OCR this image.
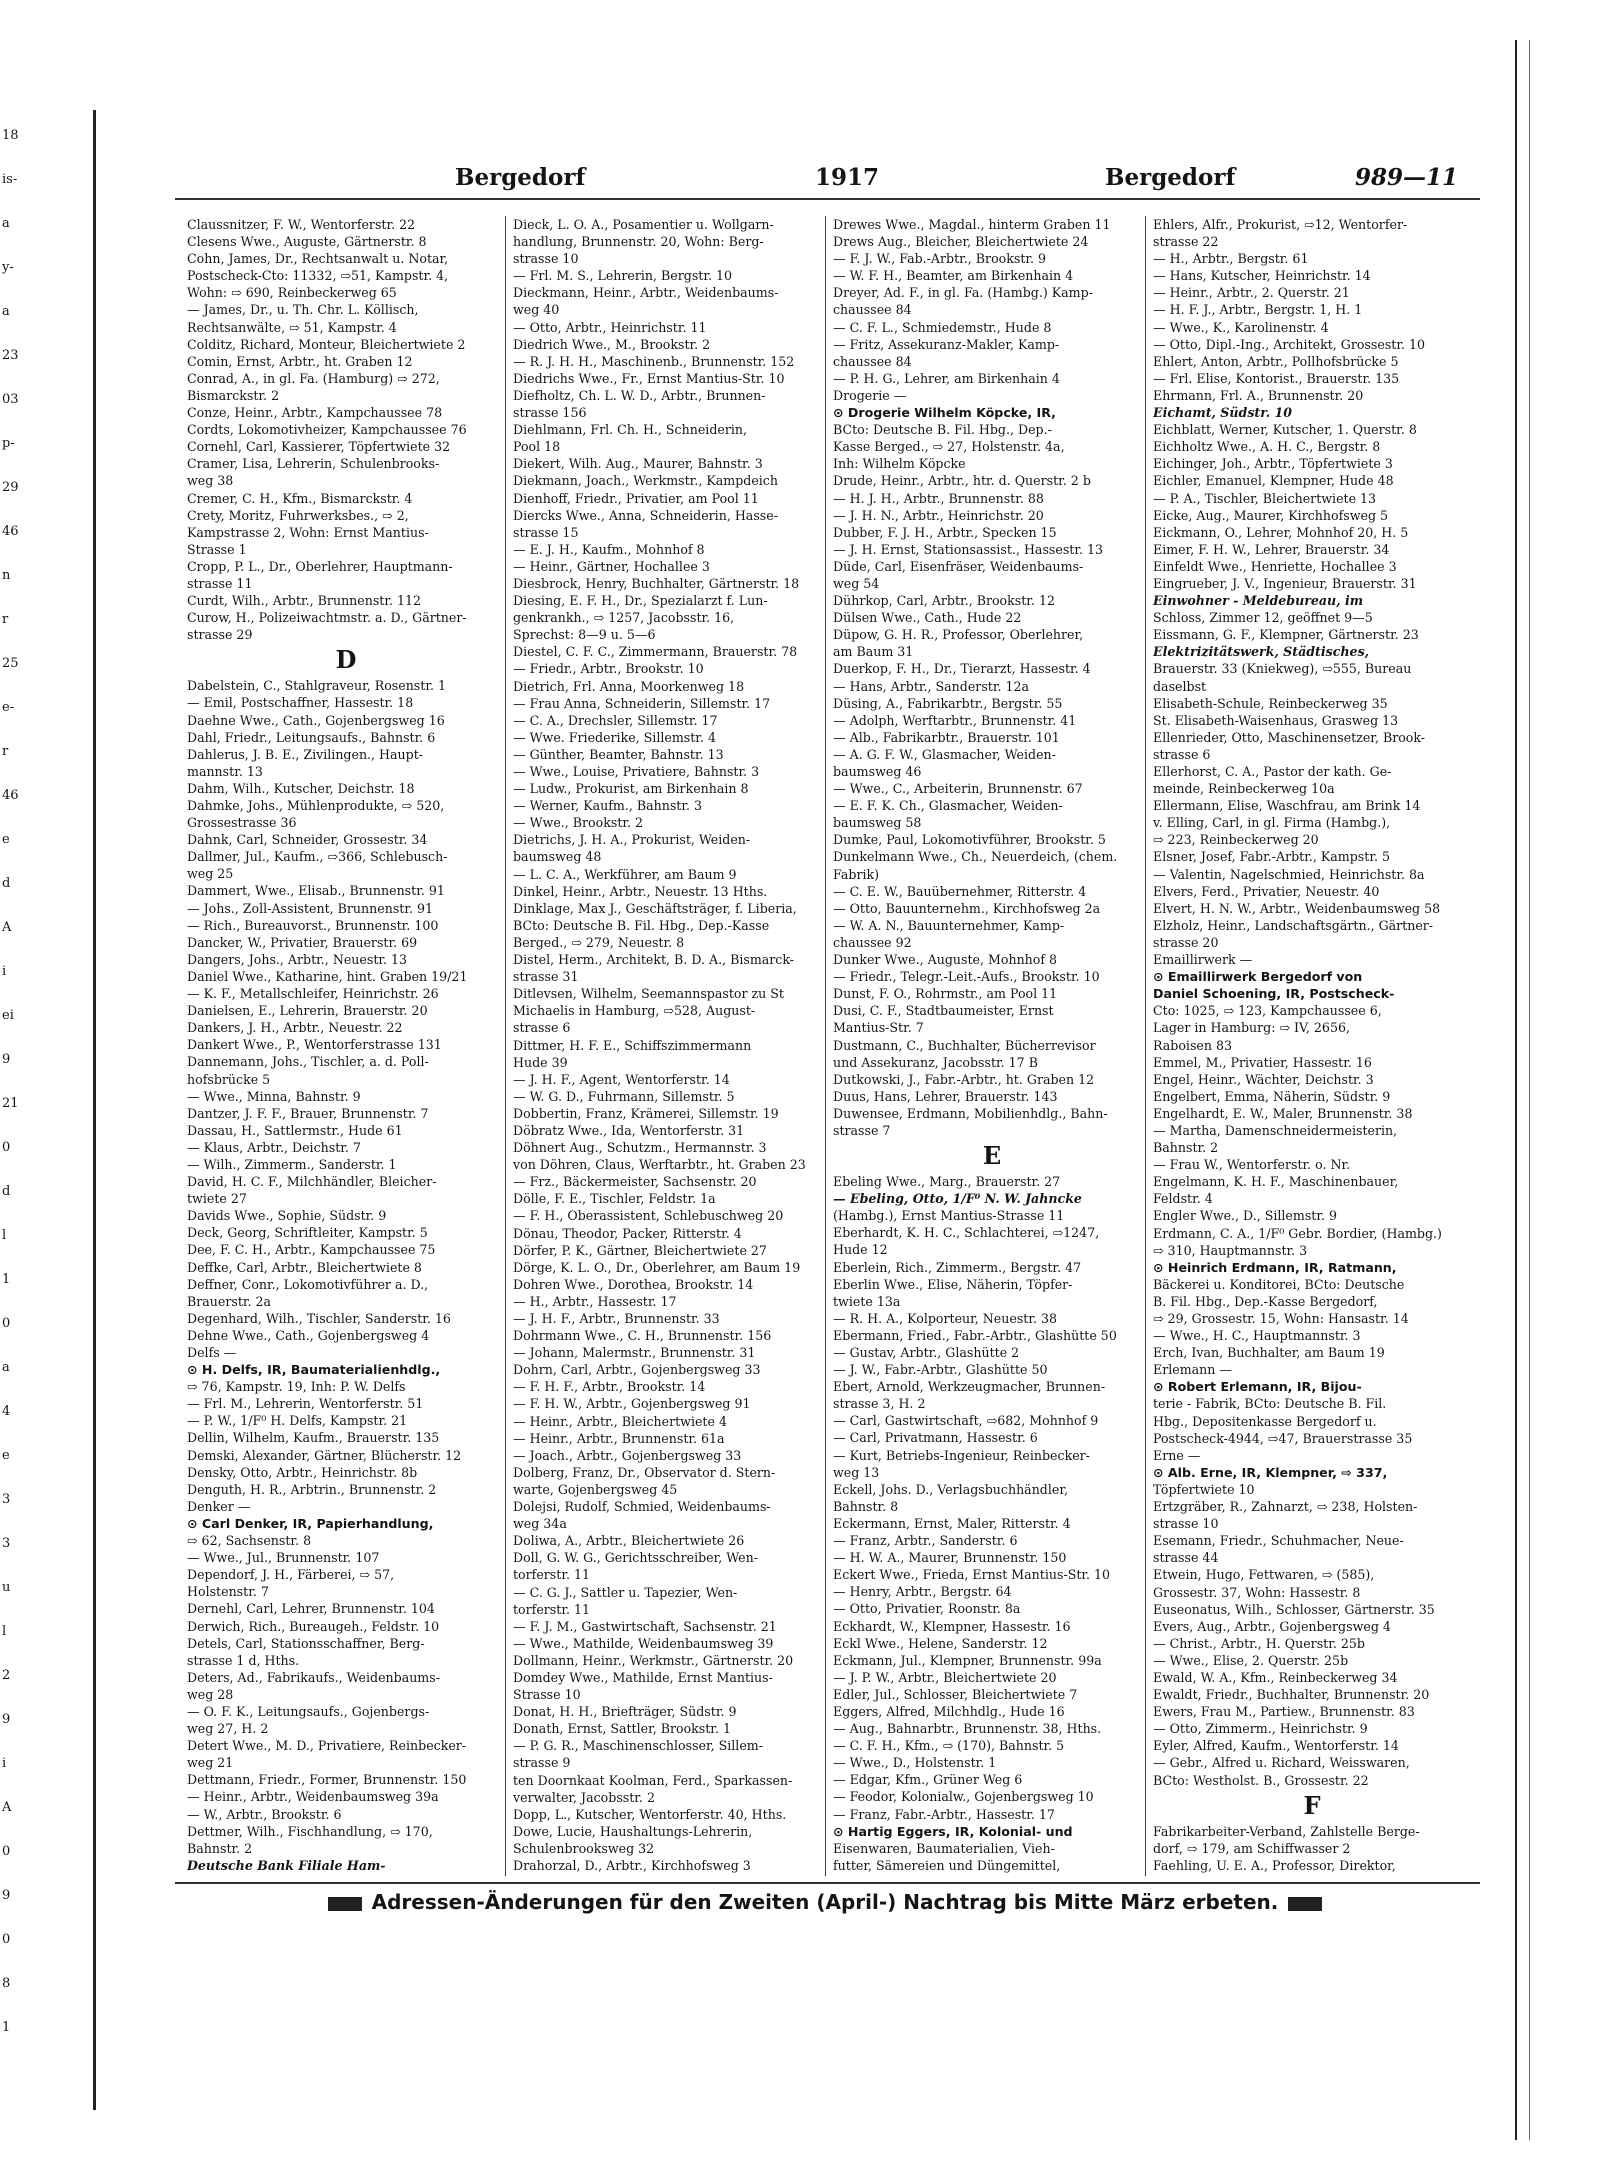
18
is-
a
y-
a
23
03
p-
29
46
n
r
25
e-
r
46
e
d
A
i
ei
9
21
0
d
l
1
0
a
4
e
3
3
u
l
2
9
i
A
0
9
0
8
1
Bergedorf	1917	Bergedorf	989—11
Claussnitzer, F. W., Wentorferstr. 22
Clesens Wwe., Auguste, Gärtnerstr. 8
Cohn, James, Dr., Rechtsanwalt u. Notar,
Postscheck-Cto: 11332, ⇨51, Kampstr. 4,
Wohn: ⇨ 690, Reinbeckerweg 65
— James, Dr., u. Th. Chr. L. Köllisch,
Rechtsanwälte, ⇨ 51, Kampstr. 4
Colditz, Richard, Monteur, Bleichertwiete 2
Comin, Ernst, Arbtr., ht. Graben 12
Conrad, A., in gl. Fa. (Hamburg) ⇨ 272,
Bismarckstr. 2
Conze, Heinr., Arbtr., Kampchaussee 78
Cordts, Lokomotivheizer, Kampchaussee 76
Cornehl, Carl, Kassierer, Töpfertwiete 32
Cramer, Lisa, Lehrerin, Schulenbrooks-
weg 38
Cremer, C. H., Kfm., Bismarckstr. 4
Crety, Moritz, Fuhrwerksbes., ⇨ 2,
Kampstrasse 2, Wohn: Ernst Mantius-
Strasse 1
Cropp, P. L., Dr., Oberlehrer, Hauptmann-
strasse 11
Curdt, Wilh., Arbtr., Brunnenstr. 112
Curow, H., Polizeiwachtmstr. a. D., Gärtner-
strasse 29
D
Dabelstein, C., Stahlgraveur, Rosenstr. 1
— Emil, Postschaffner, Hassestr. 18
Daehne Wwe., Cath., Gojenbergsweg 16
Dahl, Friedr., Leitungsaufs., Bahnstr. 6
Dahlerus, J. B. E., Zivilingen., Haupt-
mannstr. 13
Dahm, Wilh., Kutscher, Deichstr. 18
Dahmke, Johs., Mühlenprodukte, ⇨ 520,
Grossestrasse 36
Dahnk, Carl, Schneider, Grossestr. 34
Dallmer, Jul., Kaufm., ⇨366, Schlebusch-
weg 25
Dammert, Wwe., Elisab., Brunnenstr. 91
— Johs., Zoll-Assistent, Brunnenstr. 91
— Rich., Bureauvorst., Brunnenstr. 100
Dancker, W., Privatier, Brauerstr. 69
Dangers, Johs., Arbtr., Neuestr. 13
Daniel Wwe., Katharine, hint. Graben 19/21
— K. F., Metallschleifer, Heinrichstr. 26
Danielsen, E., Lehrerin, Brauerstr. 20
Dankers, J. H., Arbtr., Neuestr. 22
Dankert Wwe., P., Wentorferstrasse 131
Dannemann, Johs., Tischler, a. d. Poll-
hofsbrücke 5
— Wwe., Minna, Bahnstr. 9
Dantzer, J. F. F., Brauer, Brunnenstr. 7
Dassau, H., Sattlermstr., Hude 61
— Klaus, Arbtr., Deichstr. 7
— Wilh., Zimmerm., Sanderstr. 1
David, H. C. F., Milchhändler, Bleicher-
twiete 27
Davids Wwe., Sophie, Südstr. 9
Deck, Georg, Schriftleiter, Kampstr. 5
Dee, F. C. H., Arbtr., Kampchaussee 75
Deffke, Carl, Arbtr., Bleichertwiete 8
Deffner, Conr., Lokomotivführer a. D.,
Brauerstr. 2a
Degenhard, Wilh., Tischler, Sanderstr. 16
Dehne Wwe., Cath., Gojenbergsweg 4
Delfs —
⊙ H. Delfs, IR, Baumaterialienhdlg.,
⇨ 76, Kampstr. 19, Inh: P. W. Delfs
— Frl. M., Lehrerin, Wentorferstr. 51
— P. W., 1/F⁰ H. Delfs, Kampstr. 21
Dellin, Wilhelm, Kaufm., Brauerstr. 135
Demski, Alexander, Gärtner, Blücherstr. 12
Densky, Otto, Arbtr., Heinrichstr. 8b
Denguth, H. R., Arbtrin., Brunnenstr. 2
Denker —
⊙ Carl Denker, IR, Papierhandlung,
⇨ 62, Sachsenstr. 8
— Wwe., Jul., Brunnenstr. 107
Dependorf, J. H., Färberei, ⇨ 57,
Holstenstr. 7
Dernehl, Carl, Lehrer, Brunnenstr. 104
Derwich, Rich., Bureaugeh., Feldstr. 10
Detels, Carl, Stationsschaffner, Berg-
strasse 1 d, Hths.
Deters, Ad., Fabrikaufs., Weidenbaums-
weg 28
— O. F. K., Leitungsaufs., Gojenbergs-
weg 27, H. 2
Detert Wwe., M. D., Privatiere, Reinbecker-
weg 21
Dettmann, Friedr., Former, Brunnenstr. 150
— Heinr., Arbtr., Weidenbaumsweg 39a
— W., Arbtr., Brookstr. 6
Dettmer, Wilh., Fischhandlung, ⇨ 170,
Bahnstr. 2
Deutsche Bank Filiale Ham-
Dieck, L. O. A., Posamentier u. Wollgarn-
handlung, Brunnenstr. 20, Wohn: Berg-
strasse 10
— Frl. M. S., Lehrerin, Bergstr. 10
Dieckmann, Heinr., Arbtr., Weidenbaums-
weg 40
— Otto, Arbtr., Heinrichstr. 11
Diedrich Wwe., M., Brookstr. 2
— R. J. H. H., Maschinenb., Brunnenstr. 152
Diedrichs Wwe., Fr., Ernst Mantius-Str. 10
Diefholtz, Ch. L. W. D., Arbtr., Brunnen-
strasse 156
Diehlmann, Frl. Ch. H., Schneiderin,
Pool 18
Diekert, Wilh. Aug., Maurer, Bahnstr. 3
Diekmann, Joach., Werkmstr., Kampdeich
Dienhoff, Friedr., Privatier, am Pool 11
Diercks Wwe., Anna, Schneiderin, Hasse-
strasse 15
— E. J. H., Kaufm., Mohnhof 8
— Heinr., Gärtner, Hochallee 3
Diesbrock, Henry, Buchhalter, Gärtnerstr. 18
Diesing, E. F. H., Dr., Spezialarzt f. Lun-
genkrankh., ⇨ 1257, Jacobsstr. 16,
Sprechst: 8—9 u. 5—6
Diestel, C. F. C., Zimmermann, Brauerstr. 78
— Friedr., Arbtr., Brookstr. 10
Dietrich, Frl. Anna, Moorkenweg 18
— Frau Anna, Schneiderin, Sillemstr. 17
— C. A., Drechsler, Sillemstr. 17
— Wwe. Friederike, Sillemstr. 4
— Günther, Beamter, Bahnstr. 13
— Wwe., Louise, Privatiere, Bahnstr. 3
— Ludw., Prokurist, am Birkenhain 8
— Werner, Kaufm., Bahnstr. 3
— Wwe., Brookstr. 2
Dietrichs, J. H. A., Prokurist, Weiden-
baumsweg 48
— L. C. A., Werkführer, am Baum 9
Dinkel, Heinr., Arbtr., Neuestr. 13 Hths.
Dinklage, Max J., Geschäftsträger, f. Liberia,
BCto: Deutsche B. Fil. Hbg., Dep.-Kasse
Berged., ⇨ 279, Neuestr. 8
Distel, Herm., Architekt, B. D. A., Bismarck-
strasse 31
Ditlevsen, Wilhelm, Seemannspastor zu St
Michaelis in Hamburg, ⇨528, August-
strasse 6
Dittmer, H. F. E., Schiffszimmermann
Hude 39
— J. H. F., Agent, Wentorferstr. 14
— W. G. D., Fuhrmann, Sillemstr. 5
Dobbertin, Franz, Krämerei, Sillemstr. 19
Döbratz Wwe., Ida, Wentorferstr. 31
Döhnert Aug., Schutzm., Hermannstr. 3
von Döhren, Claus, Werftarbtr., ht. Graben 23
— Frz., Bäckermeister, Sachsenstr. 20
Dölle, F. E., Tischler, Feldstr. 1a
— F. H., Oberassistent, Schlebuschweg 20
Dönau, Theodor, Packer, Ritterstr. 4
Dörfer, P. K., Gärtner, Bleichertwiete 27
Dörge, K. L. O., Dr., Oberlehrer, am Baum 19
Dohren Wwe., Dorothea, Brookstr. 14
— H., Arbtr., Hassestr. 17
— J. H. F., Arbtr., Brunnenstr. 33
Dohrmann Wwe., C. H., Brunnenstr. 156
— Johann, Malermstr., Brunnenstr. 31
Dohrn, Carl, Arbtr., Gojenbergsweg 33
— F. H. F., Arbtr., Brookstr. 14
— F. H. W., Arbtr., Gojenbergsweg 91
— Heinr., Arbtr., Bleichertwiete 4
— Heinr., Arbtr., Brunnenstr. 61a
— Joach., Arbtr., Gojenbergsweg 33
Dolberg, Franz, Dr., Observator d. Stern-
warte, Gojenbergsweg 45
Dolejsi, Rudolf, Schmied, Weidenbaums-
weg 34a
Doliwa, A., Arbtr., Bleichertwiete 26
Doll, G. W. G., Gerichtsschreiber, Wen-
torferstr. 11
— C. G. J., Sattler u. Tapezier, Wen-
torferstr. 11
— F. J. M., Gastwirtschaft, Sachsenstr. 21
— Wwe., Mathilde, Weidenbaumsweg 39
Dollmann, Heinr., Werkmstr., Gärtnerstr. 20
Domdey Wwe., Mathilde, Ernst Mantius-
Strasse 10
Donat, H. H., Briefträger, Südstr. 9
Donath, Ernst, Sattler, Brookstr. 1
— P. G. R., Maschinenschlosser, Sillem-
strasse 9
ten Doornkaat Koolman, Ferd., Sparkassen-
verwalter, Jacobsstr. 2
Dopp, L., Kutscher, Wentorferstr. 40, Hths.
Dowe, Lucie, Haushaltungs-Lehrerin,
Schulenbrooksweg 32
Drahorzal, D., Arbtr., Kirchhofsweg 3
Drewes Wwe., Magdal., hinterm Graben 11
Drews Aug., Bleicher, Bleichertwiete 24
— F. J. W., Fab.-Arbtr., Brookstr. 9
— W. F. H., Beamter, am Birkenhain 4
Dreyer, Ad. F., in gl. Fa. (Hambg.) Kamp-
chaussee 84
— C. F. L., Schmiedemstr., Hude 8
— Fritz, Assekuranz-Makler, Kamp-
chaussee 84
— P. H. G., Lehrer, am Birkenhain 4
Drogerie —
⊙ Drogerie Wilhelm Köpcke, IR,
BCto: Deutsche B. Fil. Hbg., Dep.-
Kasse Berged., ⇨ 27, Holstenstr. 4a,
Inh: Wilhelm Köpcke
Drude, Heinr., Arbtr., htr. d. Querstr. 2 b
— H. J. H., Arbtr., Brunnenstr. 88
— J. H. N., Arbtr., Heinrichstr. 20
Dubber, F. J. H., Arbtr., Specken 15
— J. H. Ernst, Stationsassist., Hassestr. 13
Düde, Carl, Eisenfräser, Weidenbaums-
weg 54
Dührkop, Carl, Arbtr., Brookstr. 12
Dülsen Wwe., Cath., Hude 22
Düpow, G. H. R., Professor, Oberlehrer,
am Baum 31
Duerkop, F. H., Dr., Tierarzt, Hassestr. 4
— Hans, Arbtr., Sanderstr. 12a
Düsing, A., Fabrikarbtr., Bergstr. 55
— Adolph, Werftarbtr., Brunnenstr. 41
— Alb., Fabrikarbtr., Brauerstr. 101
— A. G. F. W., Glasmacher, Weiden-
baumsweg 46
— Wwe., C., Arbeiterin, Brunnenstr. 67
— E. F. K. Ch., Glasmacher, Weiden-
baumsweg 58
Dumke, Paul, Lokomotivführer, Brookstr. 5
Dunkelmann Wwe., Ch., Neuerdeich, (chem.
Fabrik)
— C. E. W., Bauübernehmer, Ritterstr. 4
— Otto, Bauunternehm., Kirchhofsweg 2a
— W. A. N., Bauunternehmer, Kamp-
chaussee 92
Dunker Wwe., Auguste, Mohnhof 8
— Friedr., Telegr.-Leit.-Aufs., Brookstr. 10
Dunst, F. O., Rohrmstr., am Pool 11
Dusi, C. F., Stadtbaumeister, Ernst
Mantius-Str. 7
Dustmann, C., Buchhalter, Bücherrevisor
und Assekuranz, Jacobsstr. 17 B
Dutkowski, J., Fabr.-Arbtr., ht. Graben 12
Duus, Hans, Lehrer, Brauerstr. 143
Duwensee, Erdmann, Mobilienhdlg., Bahn-
strasse 7
E
Ebeling Wwe., Marg., Brauerstr. 27
— Ebeling, Otto, 1/F⁰ N. W. Jahncke
(Hambg.), Ernst Mantius-Strasse 11
Eberhardt, K. H. C., Schlachterei, ⇨1247,
Hude 12
Eberlein, Rich., Zimmerm., Bergstr. 47
Eberlin Wwe., Elise, Näherin, Töpfer-
twiete 13a
— R. H. A., Kolporteur, Neuestr. 38
Ebermann, Fried., Fabr.-Arbtr., Glashütte 50
— Gustav, Arbtr., Glashütte 2
— J. W., Fabr.-Arbtr., Glashütte 50
Ebert, Arnold, Werkzeugmacher, Brunnen-
strasse 3, H. 2
— Carl, Gastwirtschaft, ⇨682, Mohnhof 9
— Carl, Privatmann, Hassestr. 6
— Kurt, Betriebs-Ingenieur, Reinbecker-
weg 13
Eckell, Johs. D., Verlagsbuchhändler,
Bahnstr. 8
Eckermann, Ernst, Maler, Ritterstr. 4
— Franz, Arbtr., Sanderstr. 6
— H. W. A., Maurer, Brunnenstr. 150
Eckert Wwe., Frieda, Ernst Mantius-Str. 10
— Henry, Arbtr., Bergstr. 64
— Otto, Privatier, Roonstr. 8a
Eckhardt, W., Klempner, Hassestr. 16
Eckl Wwe., Helene, Sanderstr. 12
Eckmann, Jul., Klempner, Brunnenstr. 99a
— J. P. W., Arbtr., Bleichertwiete 20
Edler, Jul., Schlosser, Bleichertwiete 7
Eggers, Alfred, Milchhdlg., Hude 16
— Aug., Bahnarbtr., Brunnenstr. 38, Hths.
— C. F. H., Kfm., ⇨ (170), Bahnstr. 5
— Wwe., D., Holstenstr. 1
— Edgar, Kfm., Grüner Weg 6
— Feodor, Kolonialw., Gojenbergsweg 10
— Franz, Fabr.-Arbtr., Hassestr. 17
⊙ Hartig Eggers, IR, Kolonial- und
Eisenwaren, Baumaterialien, Vieh-
futter, Sämereien und Düngemittel,
Ehlers, Alfr., Prokurist, ⇨12, Wentorfer-
strasse 22
— H., Arbtr., Bergstr. 61
— Hans, Kutscher, Heinrichstr. 14
— Heinr., Arbtr., 2. Querstr. 21
— H. F. J., Arbtr., Bergstr. 1, H. 1
— Wwe., K., Karolinenstr. 4
— Otto, Dipl.-Ing., Architekt, Grossestr. 10
Ehlert, Anton, Arbtr., Pollhofsbrücke 5
— Frl. Elise, Kontorist., Brauerstr. 135
Ehrmann, Frl. A., Brunnenstr. 20
Eichamt, Südstr. 10
Eichblatt, Werner, Kutscher, 1. Querstr. 8
Eichholtz Wwe., A. H. C., Bergstr. 8
Eichinger, Joh., Arbtr., Töpfertwiete 3
Eichler, Emanuel, Klempner, Hude 48
— P. A., Tischler, Bleichertwiete 13
Eicke, Aug., Maurer, Kirchhofsweg 5
Eickmann, O., Lehrer, Mohnhof 20, H. 5
Eimer, F. H. W., Lehrer, Brauerstr. 34
Einfeldt Wwe., Henriette, Hochallee 3
Eingrueber, J. V., Ingenieur, Brauerstr. 31
Einwohner - Meldebureau, im
Schloss, Zimmer 12, geöffnet 9—5
Eissmann, G. F., Klempner, Gärtnerstr. 23
Elektrizitätswerk, Städtisches,
Brauerstr. 33 (Kniekweg), ⇨555, Bureau
daselbst
Elisabeth-Schule, Reinbeckerweg 35
St. Elisabeth-Waisenhaus, Grasweg 13
Ellenrieder, Otto, Maschinensetzer, Brook-
strasse 6
Ellerhorst, C. A., Pastor der kath. Ge-
meinde, Reinbeckerweg 10a
Ellermann, Elise, Waschfrau, am Brink 14
v. Elling, Carl, in gl. Firma (Hambg.),
⇨ 223, Reinbeckerweg 20
Elsner, Josef, Fabr.-Arbtr., Kampstr. 5
— Valentin, Nagelschmied, Heinrichstr. 8a
Elvers, Ferd., Privatier, Neuestr. 40
Elvert, H. N. W., Arbtr., Weidenbaumsweg 58
Elzholz, Heinr., Landschaftsgärtn., Gärtner-
strasse 20
Emaillirwerk —
⊙ Emaillirwerk Bergedorf von
Daniel Schoening, IR, Postscheck-
Cto: 1025, ⇨ 123, Kampchaussee 6,
Lager in Hamburg: ⇨ IV, 2656,
Raboisen 83
Emmel, M., Privatier, Hassestr. 16
Engel, Heinr., Wächter, Deichstr. 3
Engelbert, Emma, Näherin, Südstr. 9
Engelhardt, E. W., Maler, Brunnenstr. 38
— Martha, Damenschneidermeisterin,
Bahnstr. 2
— Frau W., Wentorferstr. o. Nr.
Engelmann, K. H. F., Maschinenbauer,
Feldstr. 4
Engler Wwe., D., Sillemstr. 9
Erdmann, C. A., 1/F⁰ Gebr. Bordier, (Hambg.)
⇨ 310, Hauptmannstr. 3
⊙ Heinrich Erdmann, IR, Ratmann,
Bäckerei u. Konditorei, BCto: Deutsche
B. Fil. Hbg., Dep.-Kasse Bergedorf,
⇨ 29, Grossestr. 15, Wohn: Hansastr. 14
— Wwe., H. C., Hauptmannstr. 3
Erch, Ivan, Buchhalter, am Baum 19
Erlemann —
⊙ Robert Erlemann, IR, Bijou-
terie - Fabrik, BCto: Deutsche B. Fil.
Hbg., Depositenkasse Bergedorf u.
Postscheck-4944, ⇨47, Brauerstrasse 35
Erne —
⊙ Alb. Erne, IR, Klempner, ⇨ 337,
Töpfertwiete 10
Ertzgräber, R., Zahnarzt, ⇨ 238, Holsten-
strasse 10
Esemann, Friedr., Schuhmacher, Neue-
strasse 44
Etwein, Hugo, Fettwaren, ⇨ (585),
Grossestr. 37, Wohn: Hassestr. 8
Euseonatus, Wilh., Schlosser, Gärtnerstr. 35
Evers, Aug., Arbtr., Gojenbergsweg 4
— Christ., Arbtr., H. Querstr. 25b
— Wwe., Elise, 2. Querstr. 25b
Ewald, W. A., Kfm., Reinbeckerweg 34
Ewaldt, Friedr., Buchhalter, Brunnenstr. 20
Ewers, Frau M., Partiew., Brunnenstr. 83
— Otto, Zimmerm., Heinrichstr. 9
Eyler, Alfred, Kaufm., Wentorferstr. 14
— Gebr., Alfred u. Richard, Weisswaren,
BCto: Westholst. B., Grossestr. 22
F
Fabrikarbeiter-Verband, Zahlstelle Berge-
dorf, ⇨ 179, am Schiffwasser 2
Faehling, U. E. A., Professor, Direktor,
Adressen-Änderungen für den Zweiten (April-) Nachtrag bis Mitte März erbeten.
